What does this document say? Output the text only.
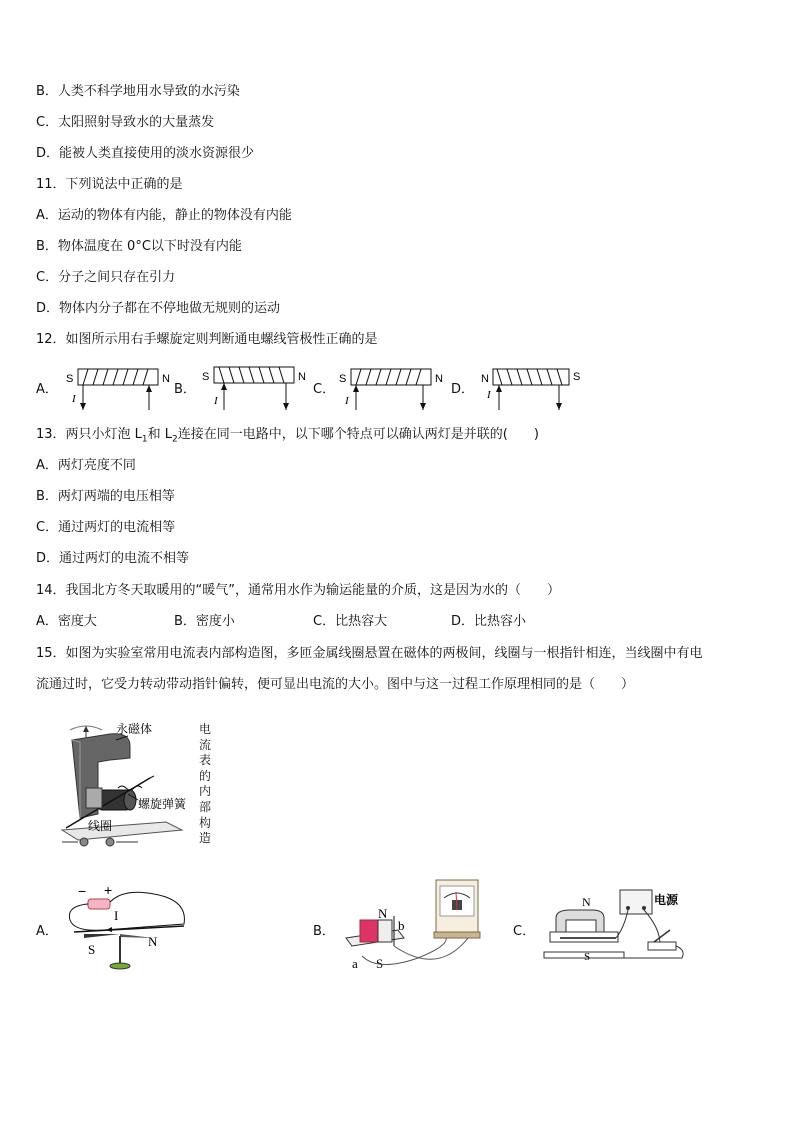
B．人类不科学地用水导致的水污染
C．太阳照射导致水的大量蒸发
D．能被人类直接使用的淡水资源很少
11．下列说法中正确的是
A．运动的物体有内能，静止的物体没有内能
B．物体温度在 0°C以下时没有内能
C．分子之间只存在引力
D．物体内分子都在不停地做无规则的运动
12．如图所示用右手螺旋定则判断通电螺线管极性正确的是
A．
S	N
I
B．
S	N
I
C．
S	N
I
D．
N	S
I
13．两只小灯泡 $L_1$和 $L_2$连接在同一电路中，以下哪个特点可以确认两灯是并联的(　　)
A．两灯亮度不同
B．两灯两端的电压相等
C．通过两灯的电流相等
D．通过两灯的电流不相等
14．我国北方冬天取暖用的“暖气”，通常用水作为输运能量的介质，这是因为水的（　　）
A．密度大	B．密度小	C．比热容大	D．比热容小
15．如图为实验室常用电流表内部构造图，多匝金属线圈悬置在磁体的两极间，线圈与一根指针相连，当线圈中有电
流通过时，它受力转动带动指针偏转，便可显出电流的大小。图中与这一过程工作原理相同的是（　　）
永磁体
螺旋弹簧
线圈
电流表的内部构造
A．
− +
I
S
N
B．
N
b
a S
C．
N	电源
S
